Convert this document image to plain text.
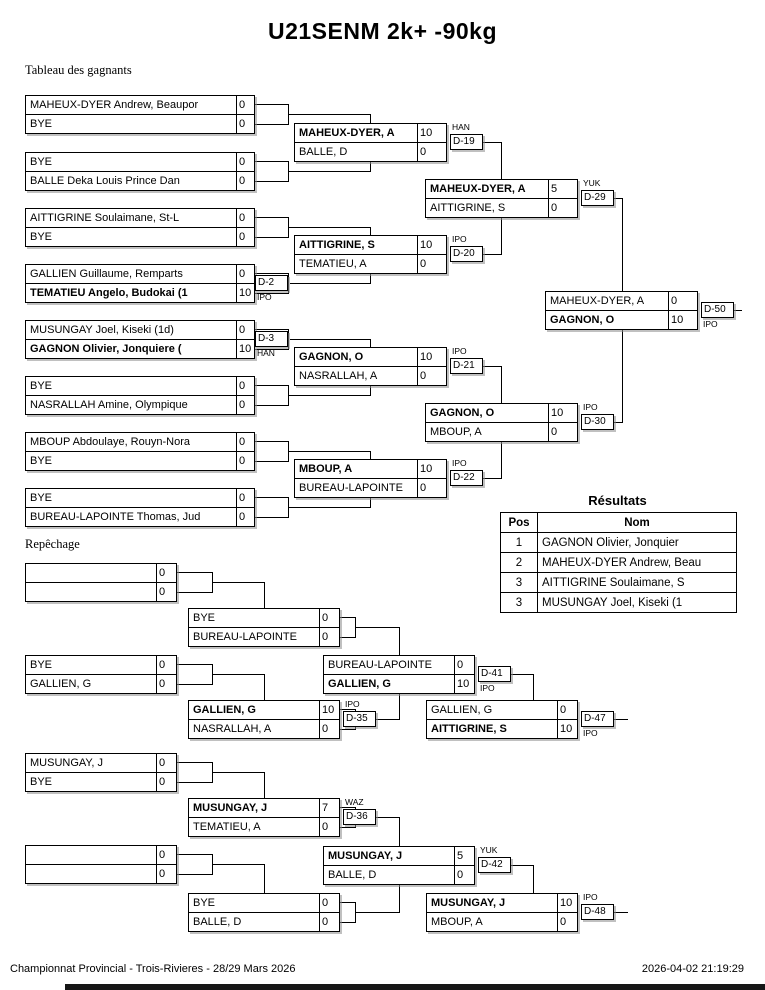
U21SENM 2k+ -90kg
Tableau des gagnants
Repêchage
MAHEUX-DYER Andrew, Beaupor	0
BYE	0
BYE	0
BALLE Deka Louis Prince Dan	0
AITTIGRINE Soulaimane, St-L	0
BYE	0
GALLIEN Guillaume, Remparts	0
TEMATIEU Angelo, Budokai (1	10
MUSUNGAY Joel, Kiseki (1d)	0
GAGNON Olivier, Jonquiere (	10
BYE	0
NASRALLAH Amine, Olympique	0
MBOUP Abdoulaye, Rouyn-Nora	0
BYE	0
BYE	0
BUREAU-LAPOINTE Thomas, Jud	0
MAHEUX-DYER, A	10
BALLE, D	0
AITTIGRINE, S	10
TEMATIEU, A	0
GAGNON, O	10
NASRALLAH, A	0
MBOUP, A	10
BUREAU-LAPOINTE	0
MAHEUX-DYER, A	5
AITTIGRINE, S	0
GAGNON, O	10
MBOUP, A	0
MAHEUX-DYER, A	0
GAGNON, O	10
0
0
BYE	0
BUREAU-LAPOINTE	0
BYE	0
GALLIEN, G	0
GALLIEN, G	10
NASRALLAH, A	0
BUREAU-LAPOINTE	0
GALLIEN, G	10
GALLIEN, G	0
AITTIGRINE, S	10
MUSUNGAY, J	0
BYE	0
MUSUNGAY, J	7
TEMATIEU, A	0
0
0
BYE	0
BALLE, D	0
MUSUNGAY, J	5
BALLE, D	0
MUSUNGAY, J	10
MBOUP, A	0
D-2
IPO
D-3
HAN
D-19
HAN
D-20
IPO
D-21
IPO
D-22
IPO
D-29
YUK
D-30
IPO
D-50
IPO
D-35
IPO
D-41
IPO
D-47
IPO
D-36
WAZ
D-42
YUK
D-48
IPO
Résultats
Pos	Nom
1	GAGNON Olivier, Jonquier
2	MAHEUX-DYER Andrew, Beau
3	AITTIGRINE Soulaimane, S
3	MUSUNGAY Joel, Kiseki (1
Championnat Provincial - Trois-Rivieres - 28/29 Mars 2026	2026-04-02 21:19:29
